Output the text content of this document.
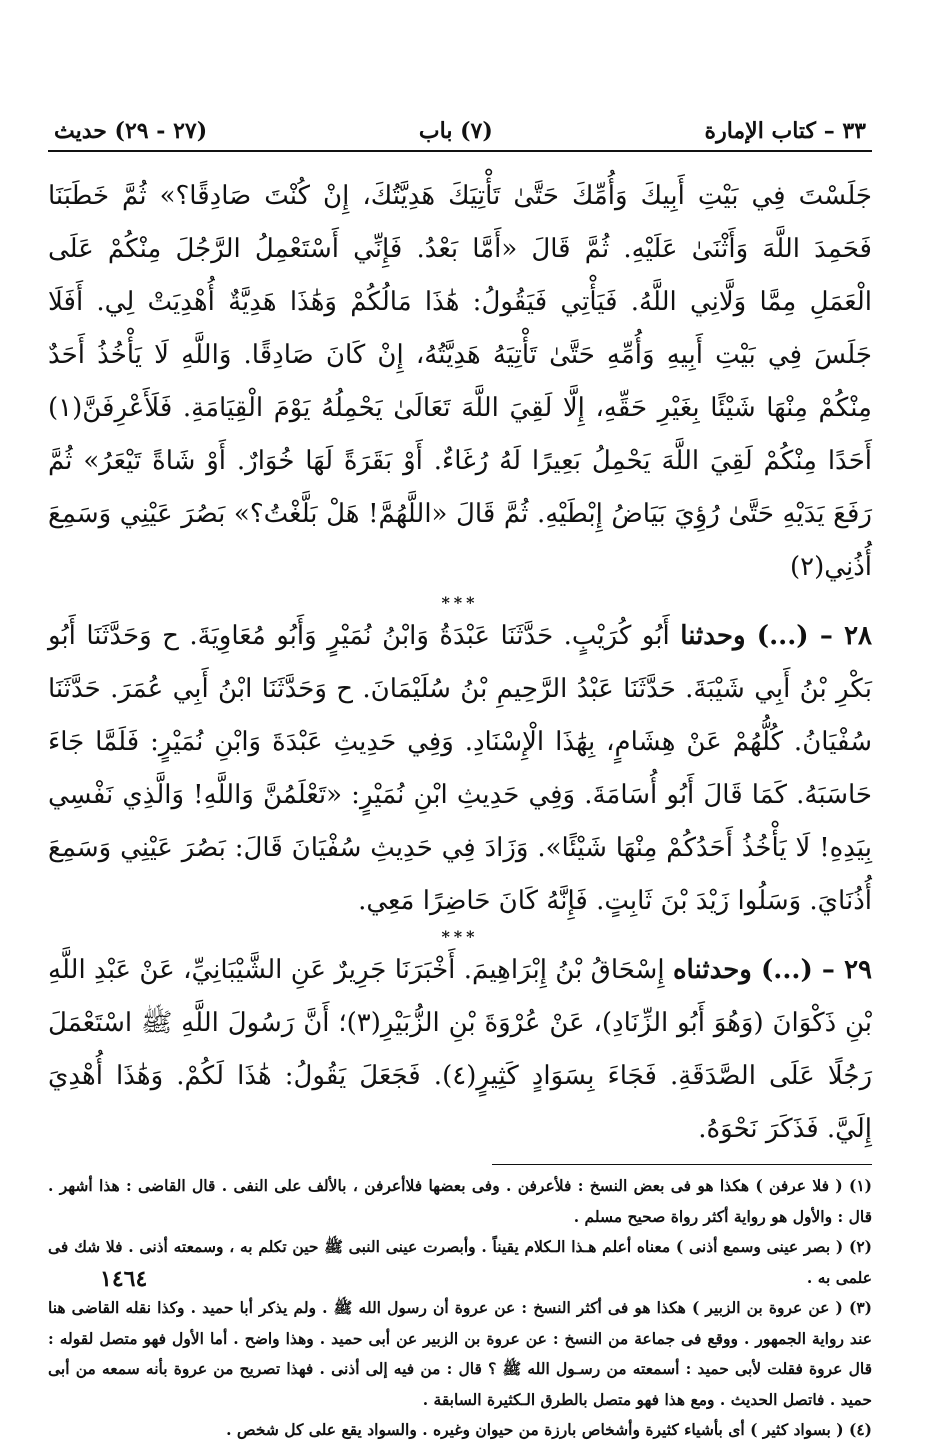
٣٣ – كتاب الإمارة
(٧) باب
(٢٧ - ٢٩) حديث

جَلَسْتَ فِي بَيْتِ أَبِيكَ وَأُمِّكَ حَتَّىٰ تَأْتِيَكَ هَدِيَّتُكَ، إِنْ كُنْتَ صَادِقًا؟» ثُمَّ خَطَبَنَا فَحَمِدَ اللَّهَ وَأَثْنَىٰ عَلَيْهِ. ثُمَّ قَالَ «أَمَّا بَعْدُ. فَإِنِّي أَسْتَعْمِلُ الرَّجُلَ مِنْكُمْ عَلَى الْعَمَلِ مِمَّا وَلَّانِي اللَّهُ. فَيَأْتِي فَيَقُولُ: هَٰذَا مَالُكُمْ وَهَٰذَا هَدِيَّةٌ أُهْدِيَتْ لِي. أَفَلَا جَلَسَ فِي بَيْتِ أَبِيهِ وَأُمِّهِ حَتَّىٰ تَأْتِيَهُ هَدِيَّتُهُ، إِنْ كَانَ صَادِقًا. وَاللَّهِ لَا يَأْخُذُ أَحَدٌ مِنْكُمْ مِنْهَا شَيْئًا بِغَيْرِ حَقِّهِ، إِلَّا لَقِيَ اللَّهَ تَعَالَىٰ يَحْمِلُهُ يَوْمَ الْقِيَامَةِ. فَلَأَعْرِفَنَّ(١) أَحَدًا مِنْكُمْ لَقِيَ اللَّهَ يَحْمِلُ بَعِيرًا لَهُ رُغَاءٌ. أَوْ بَقَرَةً لَهَا خُوَارٌ. أَوْ شَاةً تَيْعَرُ» ثُمَّ رَفَعَ يَدَيْهِ حَتَّىٰ رُؤِيَ بَيَاضُ إِبْطَيْهِ. ثُمَّ قَالَ «اللَّهُمَّ! هَلْ بَلَّغْتُ؟» بَصُرَ عَيْنِي وَسَمِعَ أُذُنِي(٢)

***

٢٨ – (...) وحدثنا أَبُو كُرَيْبٍ. حَدَّثَنَا عَبْدَةُ وَابْنُ نُمَيْرٍ وَأَبُو مُعَاوِيَةَ. ح وَحَدَّثَنَا أَبُو بَكْرِ بْنُ أَبِي شَيْبَةَ. حَدَّثَنَا عَبْدُ الرَّحِيمِ بْنُ سُلَيْمَانَ. ح وَحَدَّثَنَا ابْنُ أَبِي عُمَرَ. حَدَّثَنَا سُفْيَانُ. كُلُّهُمْ عَنْ هِشَامٍ، بِهَٰذَا الْإِسْنَادِ. وَفِي حَدِيثِ عَبْدَةَ وَابْنِ نُمَيْرٍ: فَلَمَّا جَاءَ حَاسَبَهُ. كَمَا قَالَ أَبُو أُسَامَةَ. وَفِي حَدِيثِ ابْنِ نُمَيْرٍ: «تَعْلَمُنَّ وَاللَّهِ! وَالَّذِي نَفْسِي بِيَدِهِ! لَا يَأْخُذُ أَحَدُكُمْ مِنْهَا شَيْئًا». وَزَادَ فِي حَدِيثِ سُفْيَانَ قَالَ: بَصُرَ عَيْنِي وَسَمِعَ أُذُنَايَ. وَسَلُوا زَيْدَ بْنَ ثَابِتٍ. فَإِنَّهُ كَانَ حَاضِرًا مَعِي.

***

٢٩ – (...) وحدثناه إِسْحَاقُ بْنُ إِبْرَاهِيمَ. أَخْبَرَنَا جَرِيرٌ عَنِ الشَّيْبَانِيِّ، عَنْ عَبْدِ اللَّهِ بْنِ ذَكْوَانَ (وَهُوَ أَبُو الزِّنَادِ)، عَنْ عُرْوَةَ بْنِ الزُّبَيْرِ(٣)؛ أَنَّ رَسُولَ اللَّهِ ﷺ اسْتَعْمَلَ رَجُلًا عَلَى الصَّدَقَةِ. فَجَاءَ بِسَوَادٍ كَثِيرٍ(٤). فَجَعَلَ يَقُولُ: هَٰذَا لَكُمْ. وَهَٰذَا أُهْدِيَ إِلَيَّ. فَذَكَرَ نَحْوَهُ.

(١) ( فلا عرفن ) هكذا هو فى بعض النسخ : فلأعرفن . وفى بعضها فلاأعرفن ، بالألف على النفى . قال القاضى : هذا أشهر . قال : والأول هو رواية أكثر رواة صحيح مسلم .

(٢) ( بصر عينى وسمع أذنى ) معناه أعلم هـذا الـكلام يقيناً . وأبصرت عينى النبى ﷺ حين تكلم به ، وسمعته أذنى . فلا شك فى علمى به .

(٣) ( عن عروة بن الزبير ) هكذا هو فى أكثر النسخ : عن عروة أن رسول الله ﷺ . ولم يذكر أبا حميد . وكذا نقله القاضى هنا عند رواية الجمهور . ووقع فى جماعة من النسخ : عن عروة بن الزبير عن أبى حميد . وهذا واضح . أما الأول فهو متصل لقوله : قال عروة فقلت لأبى حميد : أسمعته من رسـول الله ﷺ ؟ قال : من فيه إلى أذنى . فهذا تصريح من عروة بأنه سمعه من أبى حميد . فاتصل الحديث . ومع هذا فهو متصل بالطرق الـكثيرة السابقة .

(٤) ( بسواد كثير ) أى بأشياء كثيرة وأشخاص بارزة من حيوان وغيره . والسواد يقع على كل شخص .

١٤٦٤
